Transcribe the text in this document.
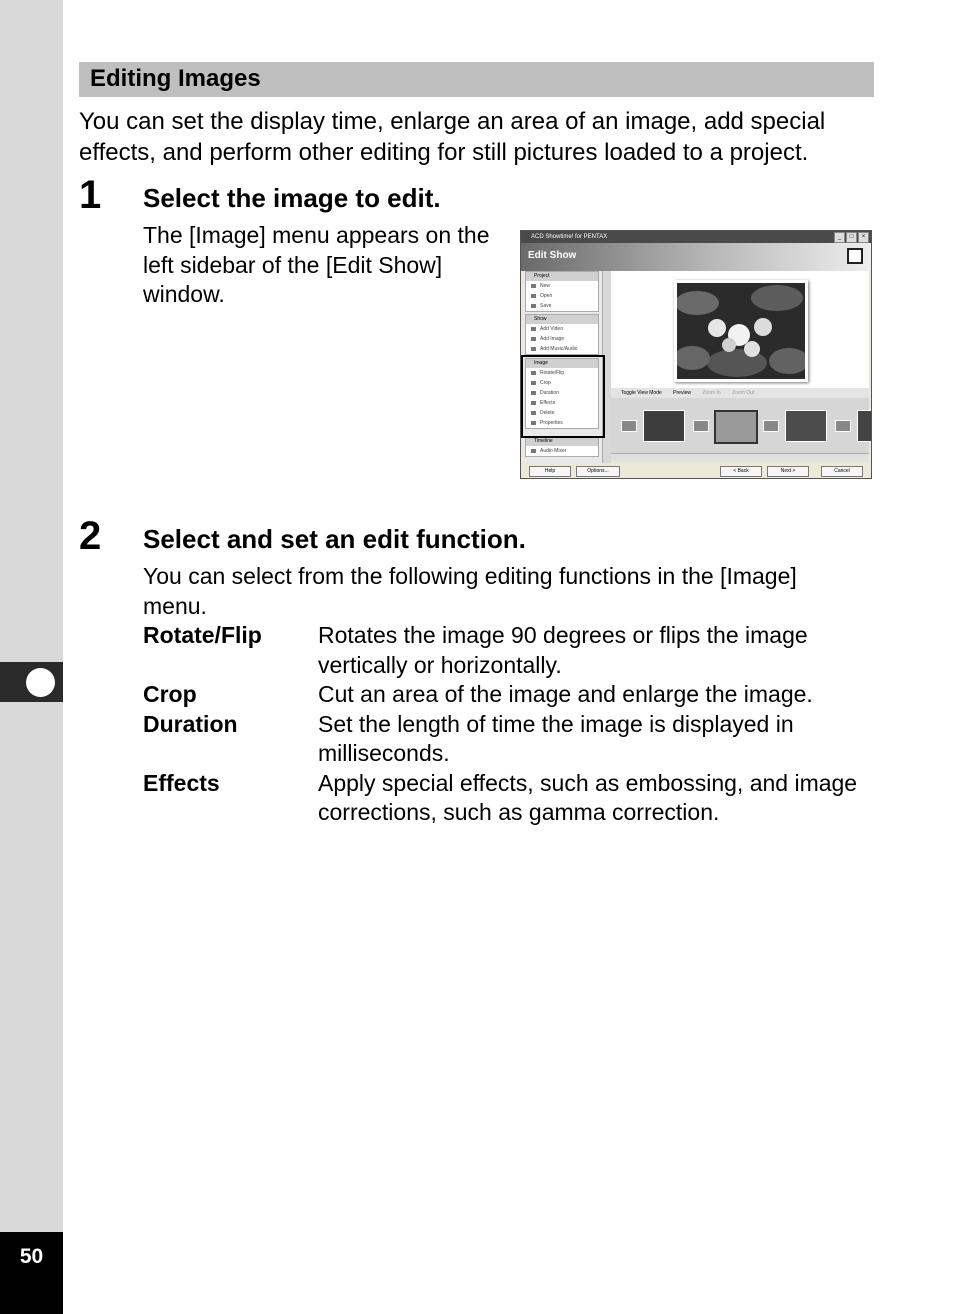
50
Editing Images
You can set the display time, enlarge an area of an image, add special effects, and perform other editing for still pictures loaded to a project.
1 Select the image to edit.
The [Image] menu appears on the left sidebar of the [Edit Show] window.
ACD Showtime! for PENTAX	_	□	×
Edit Show
Project
New
Open
Save
Show
Add Video
Add Image
Add Music/Audio
Image
Rotate/Flip
Crop
Duration
Effects
Delete
Properties
Timeline
Audio Mixer
Toggle View Mode Preview Zoom In Zoom Out
Help	Options...	< Back	Next >	Cancel
2 Select and set an edit function.
You can select from the following editing functions in the [Image] menu.
Rotate/Flip	Rotates the image 90 degrees or flips the image vertically or horizontally.
Crop	Cut an area of the image and enlarge the image.
Duration	Set the length of time the image is displayed in milliseconds.
Effects	Apply special effects, such as embossing, and image corrections, such as gamma correction.
